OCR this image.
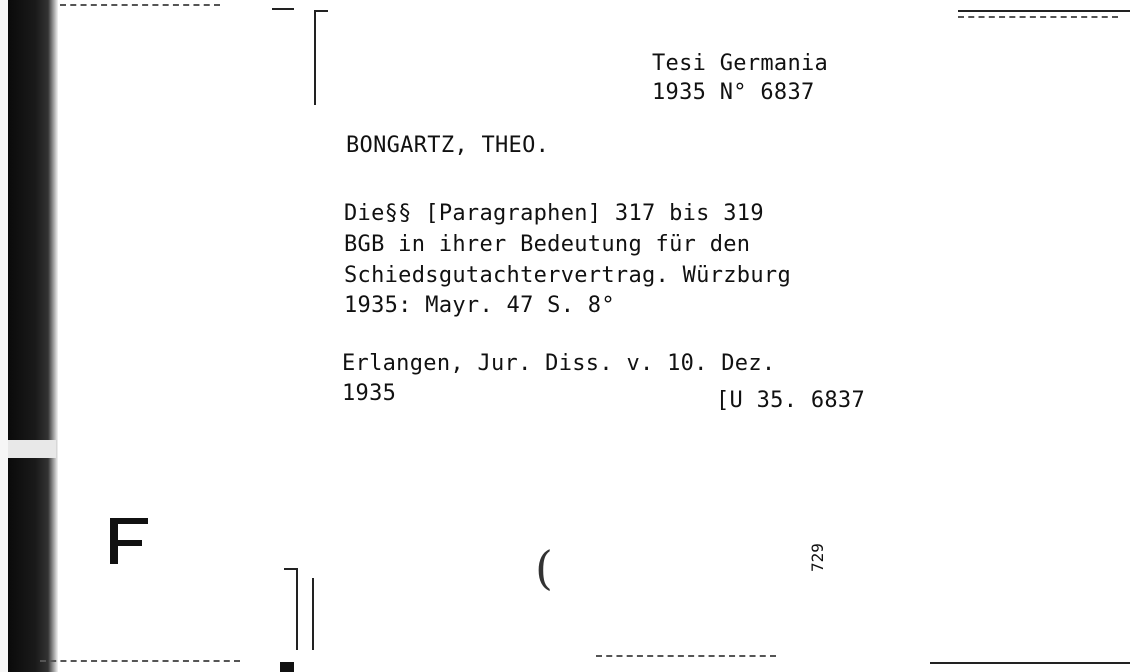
Tesi Germania
1935 N° 6837
BONGARTZ, THEO.
Die§§ [Paragraphen] 317 bis 319
BGB in ihrer Bedeutung für den
Schiedsgutachtervertrag. Würzburg
1935: Mayr. 47 S. 8°
Erlangen, Jur. Diss. v. 10. Dez.
1935	[U 35. 6837
(	729
